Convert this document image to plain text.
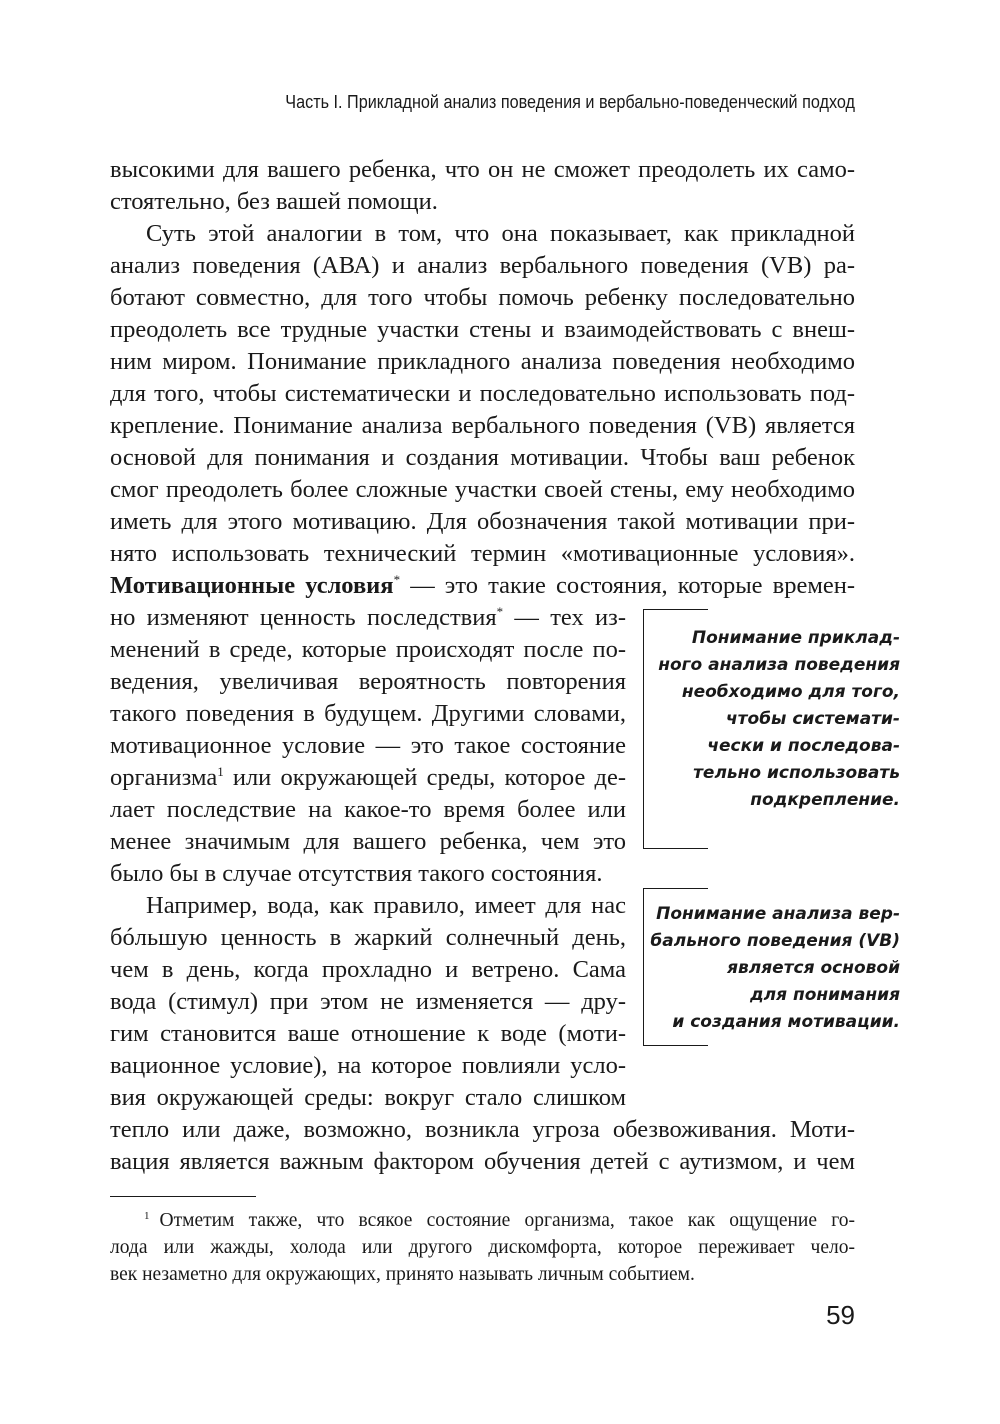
Часть I. Прикладной анализ поведения и вербально-поведенческий подход
высокими для вашего ребенка, что он не сможет преодолеть их само-
стоятельно, без вашей помощи.
Суть этой аналогии в том, что она показывает, как прикладной
анализ поведения (АВА) и анализ вербального поведения (VB) ра-
ботают совместно, для того чтобы помочь ребенку последовательно
преодолеть все трудные участки стены и взаимодействовать с внеш-
ним миром. Понимание прикладного анализа поведения необходимо
для того, чтобы систематически и последовательно использовать под-
крепление. Понимание анализа вербального поведения (VB) является
основой для понимания и создания мотивации. Чтобы ваш ребенок
смог преодолеть более сложные участки своей стены, ему необходимо
иметь для этого мотивацию. Для обозначения такой мотивации при-
нято использовать технический термин «мотивационные условия».
Мотивационные условия* — это такие состояния, которые времен-
но изменяют ценность последствия* — тех из-
менений в среде, которые происходят после по-
ведения, увеличивая вероятность повторения
такого поведения в будущем. Другими словами,
мотивационное условие — это такое состояние
организма$^1$ или окружающей среды, которое де-
лает последствие на какое-то время более или
менее значимым для вашего ребенка, чем это
было бы в случае отсутствия такого состояния.
Например, вода, как правило, имеет для нас
бóльшую ценность в жаркий солнечный день,
чем в день, когда прохладно и ветрено. Сама
вода (стимул) при этом не изменяется — дру-
гим становится ваше отношение к воде (моти-
вационное условие), на которое повлияли усло-
вия окружающей среды: вокруг стало слишком
тепло или даже, возможно, возникла угроза обезвоживания. Моти-
вация является важным фактором обучения детей с аутизмом, и чем
Понимание приклад-
ного анализа поведения
необходимо для того,
чтобы системати-
чески и последова-
тельно использовать
подкрепление.
Понимание анализа вер-
бального поведения (VB)
является основой
для понимания
и создания мотивации.
$^1$ Отметим также, что всякое состояние организма, такое как ощущение го-
лода или жажды, холода или другого дискомфорта, которое переживает чело-
век незаметно для окружающих, принято называть личным событием.
59
